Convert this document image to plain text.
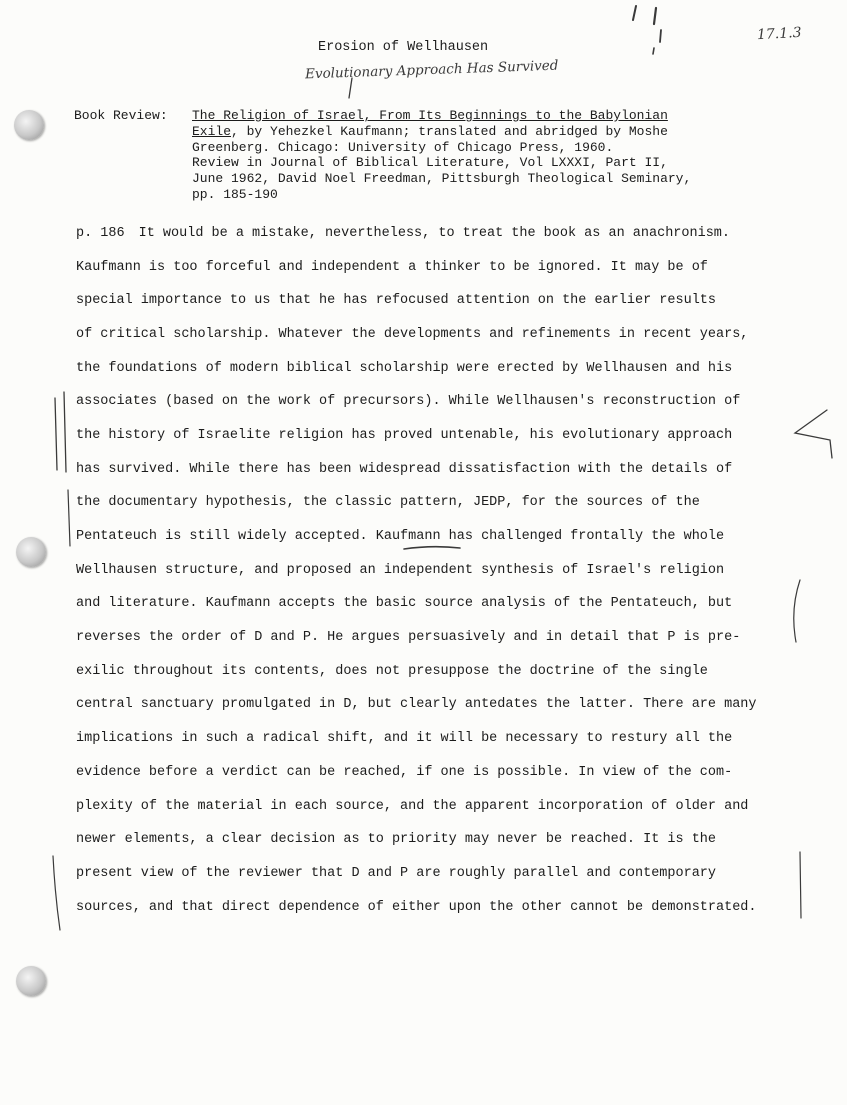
17.1.3
Erosion of Wellhausen
Evolutionary Approach Has Survived
Book Review: The Religion of Israel, From Its Beginnings to the Babylonian
Exile, by Yehezkel Kaufmann; translated and abridged by Moshe
Greenberg. Chicago: University of Chicago Press, 1960.
Review in Journal of Biblical Literature, Vol LXXXI, Part II,
June 1962, David Noel Freedman, Pittsburgh Theological Seminary,
pp. 185-190
p. 186 It would be a mistake, nevertheless, to treat the book as an anachronism.
Kaufmann is too forceful and independent a thinker to be ignored. It may be of
special importance to us that he has refocused attention on the earlier results
of critical scholarship. Whatever the developments and refinements in recent years,
the foundations of modern biblical scholarship were erected by Wellhausen and his
associates (based on the work of precursors). While Wellhausen's reconstruction of
the history of Israelite religion has proved untenable, his evolutionary approach
has survived. While there has been widespread dissatisfaction with the details of
the documentary hypothesis, the classic pattern, JEDP, for the sources of the
Pentateuch is still widely accepted. Kaufmann has challenged frontally the whole
Wellhausen structure, and proposed an independent synthesis of Israel's religion
and literature. Kaufmann accepts the basic source analysis of the Pentateuch, but
reverses the order of D and P. He argues persuasively and in detail that P is pre-
exilic throughout its contents, does not presuppose the doctrine of the single
central sanctuary promulgated in D, but clearly antedates the latter. There are many
implications in such a radical shift, and it will be necessary to restury all the
evidence before a verdict can be reached, if one is possible. In view of the com-
plexity of the material in each source, and the apparent incorporation of older and
newer elements, a clear decision as to priority may never be reached. It is the
present view of the reviewer that D and P are roughly parallel and contemporary
sources, and that direct dependence of either upon the other cannot be demonstrated.
